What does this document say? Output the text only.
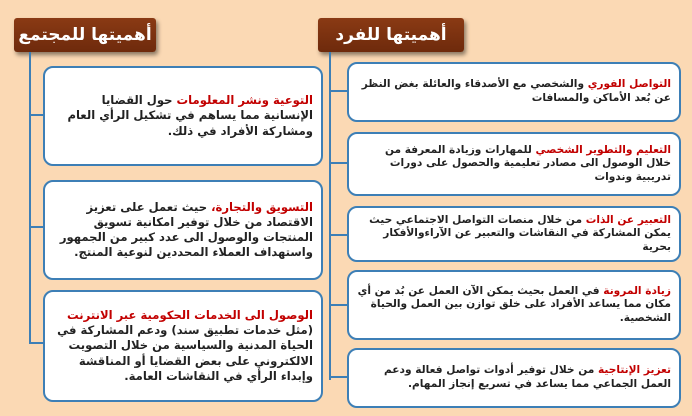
أهميتها للفرد
التواصل الفوري والشخصي مع الأصدقاء والعائلة بغض النظر عن بُعد الأماكن والمسافات
التعليم والتطوير الشخصي للمهارات وزيادة المعرفة من خلال الوصول الى مصادر تعليمية والحصول على دورات تدريبية وندوات
التعبير عن الذات من خلال منصات التواصل الاجتماعي حيث يمكن المشاركة في النقاشات والتعبير عن الآراءوالأفكار بحرية
زيادة المرونة في العمل بحيث يمكن الآن العمل عن بُد من أي مكان مما يساعد الأفراد على خلق توازن بين العمل والحياة الشخصية.
تعزيز الإنتاجية من خلال توفير أدوات تواصل فعالة ودعم العمل الجماعي مما يساعد في تسريع إنجاز المهام.
أهميتها للمجتمع
التوعية ونشر المعلومات حول القضايا الإنسانية مما يساهم في تشكيل الرأي العام ومشاركة الأفراد في ذلك.
التسويق والتجارة، حيث تعمل على تعزيز الاقتصاد من خلال توفير امكانية تسويق المنتجات والوصول الى عدد كبير من الجمهور واستهداف العملاء المحددين لنوعية المنتج.
الوصول الى الخدمات الحكومية عبر الانترنت (مثل خدمات تطبيق سند) ودعم المشاركة في الحياة المدنية والسياسية من خلال التصويت الالكتروني على بعض القضايا أو المناقشة وإبداء الرأي في النقاشات العامة.
